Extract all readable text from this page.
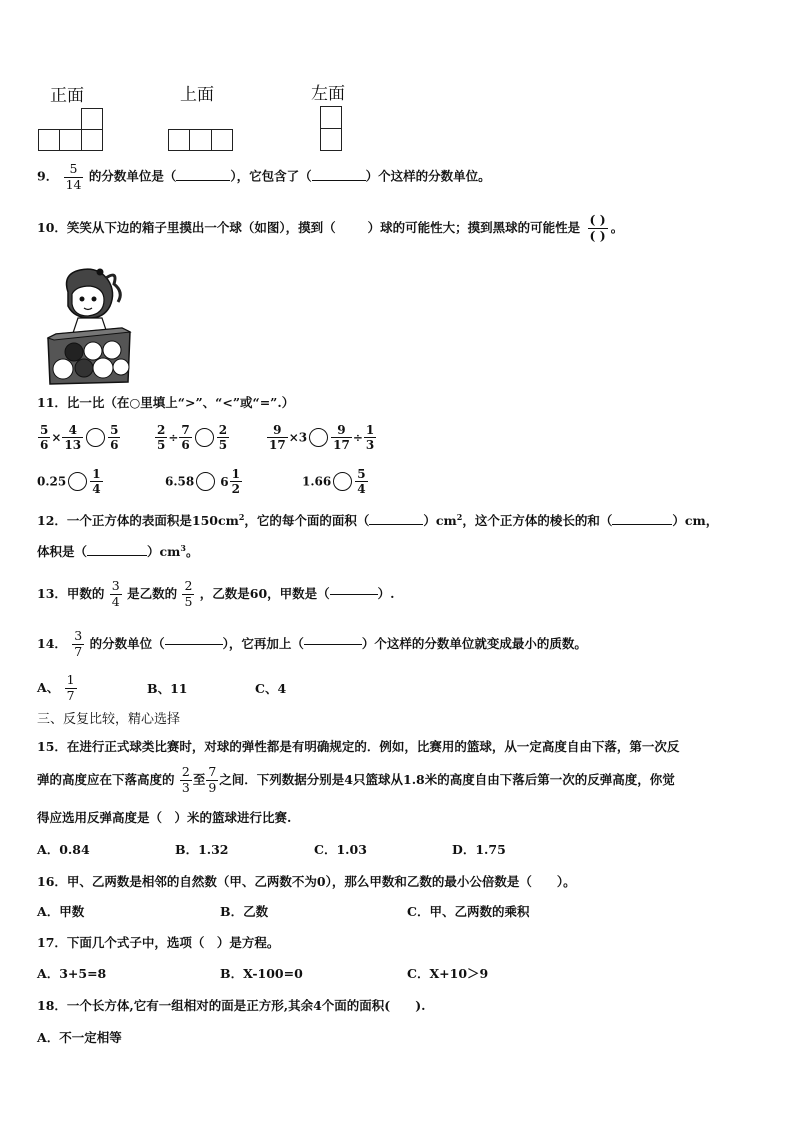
正面	上面	左面
9． $\frac{5}{14}$ 的分数单位是（	），它包含了（	）个这样的分数单位。
10．笑笑从下边的箱子里摸出一个球（如图），摸到（	）球的可能性大；摸到黑球的可能性是 $\frac{( )}{( )}$ 。
11．比一比（在○里填上“>”、“<”或“=”.）
$\frac{5}{6} \times \frac{4}{13} \frac{5}{6}$	$\frac{2}{5} \div \frac{7}{6} \frac{2}{5}$	$\frac{9}{17} \times 3 \frac{9}{17} \div \frac{1}{3}$
$0.25 \frac{1}{4}$	6.58 $6 \frac{1}{2}$	$1.66 \frac{5}{4}$
12．一个正方体的表面积是$150cm^2$，它的每个面的面积（	）$cm^2$，这个正方体的棱长的和（	）cm，
体积是（	）$cm^3$。
13．甲数的 $\frac{3}{4}$ 是乙数的 $\frac{2}{5}$ ，乙数是60，甲数是（	）.
14． $\frac{3}{7}$ 的分数单位（	），它再加上（	）个这样的分数单位就变成最小的质数。
A、 $\frac{1}{7}$	B、11	C、4
三、反复比较，精心选择
15．在进行正式球类比赛时，对球的弹性都是有明确规定的．例如，比赛用的篮球，从一定高度自由下落，第一次反
弹的高度应在下落高度的 $\frac{2}{3}$ 至 $\frac{7}{9}$ 之间．下列数据分别是4只篮球从1.8米的高度自由下落后第一次的反弹高度，你觉
得应选用反弹高度是（　）米的篮球进行比赛.
A．0.84	B．1.32	C．1.03	D．1.75
16．甲、乙两数是相邻的自然数（甲、乙两数不为0），那么甲数和乙数的最小公倍数是（　　）。
A．甲数	B．乙数	C．甲、乙两数的乘积
17．下面几个式子中，选项（　）是方程。
A．3+5=8	B．X-100=0	C．X+10＞9
18．一个长方体,它有一组相对的面是正方形,其余4个面的面积(　　).
A．不一定相等
